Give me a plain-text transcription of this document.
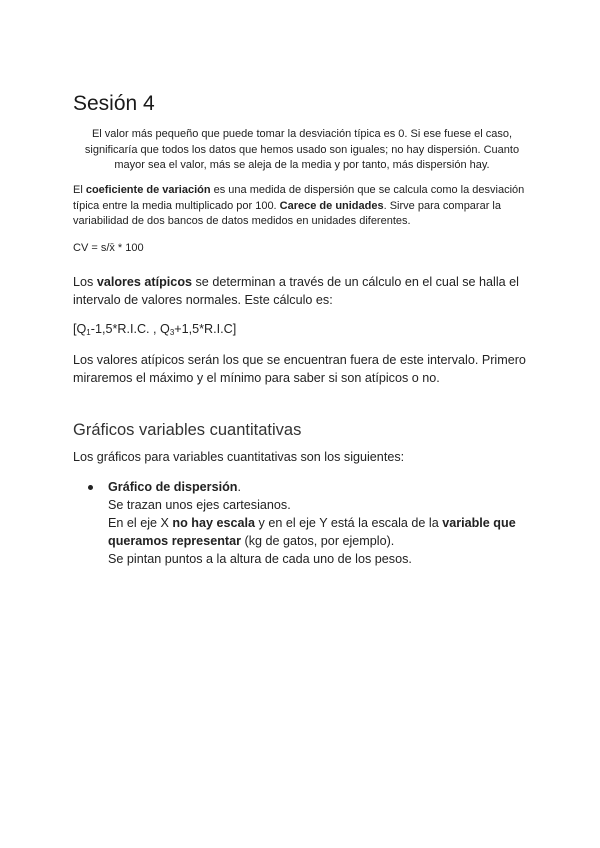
Sesión 4

El valor más pequeño que puede tomar la desviación típica es 0. Si ese fuese el caso, significaría que todos los datos que hemos usado son iguales; no hay dispersión. Cuanto mayor sea el valor, más se aleja de la media y por tanto, más dispersión hay.

El coeficiente de variación es una medida de dispersión que se calcula como la desviación típica entre la media multiplicado por 100. Carece de unidades. Sirve para comparar la variabilidad de dos bancos de datos medidos en unidades diferentes.

CV = s/x̄ * 100

Los valores atípicos se determinan a través de un cálculo en el cual se halla el intervalo de valores normales. Este cálculo es:

[$Q_1-1,5*R.I.C$. , $Q_3+1,5*R.I.C$]

Los valores atípicos serán los que se encuentran fuera de este intervalo. Primero miraremos el máximo y el mínimo para saber si son atípicos o no.

Gráficos variables cuantitativas

Los gráficos para variables cuantitativas son los siguientes:

Gráfico de dispersión.
Se trazan unos ejes cartesianos.
En el eje X no hay escala y en el eje Y está la escala de la variable que queramos representar (kg de gatos, por ejemplo).
Se pintan puntos a la altura de cada uno de los pesos.
